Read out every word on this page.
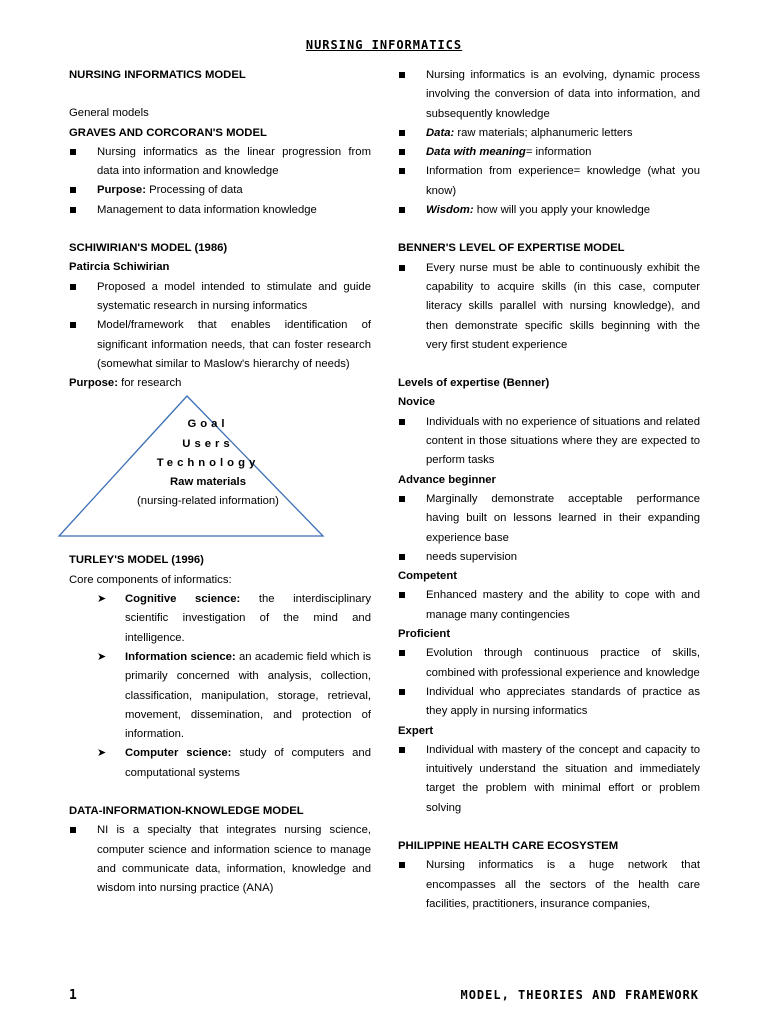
NURSING INFORMATICS
NURSING INFORMATICS MODEL
General models
GRAVES AND CORCORAN'S MODEL
Nursing informatics as the linear progression from data into information and knowledge
Purpose: Processing of data
Management to data information knowledge
SCHIWIRIAN'S MODEL (1986)
Patircia Schiwirian
Proposed a model intended to stimulate and guide systematic research in nursing informatics
Model/framework that enables identification of significant information needs, that can foster research (somewhat similar to Maslow's hierarchy of needs)
Purpose: for research
Goal
Users
Technology
Raw materials
(nursing-related information)
TURLEY'S MODEL (1996)
Core components of informatics:
➤ Cognitive science: the interdisciplinary scientific investigation of the mind and intelligence.
➤ Information science: an academic field which is primarily concerned with analysis, collection, classification, manipulation, storage, retrieval, movement, dissemination, and protection of information.
➤ Computer science: study of computers and computational systems
DATA-INFORMATION-KNOWLEDGE MODEL
NI is a specialty that integrates nursing science, computer science and information science to manage and communicate data, information, knowledge and wisdom into nursing practice (ANA)
Nursing informatics is an evolving, dynamic process involving the conversion of data into information, and subsequently knowledge
Data: raw materials; alphanumeric letters
Data with meaning= information
Information from experience= knowledge (what you know)
Wisdom: how will you apply your knowledge
BENNER'S LEVEL OF EXPERTISE MODEL
Every nurse must be able to continuously exhibit the capability to acquire skills (in this case, computer literacy skills parallel with nursing knowledge), and then demonstrate specific skills beginning with the very first student experience
Levels of expertise (Benner)
Novice
Individuals with no experience of situations and related content in those situations where they are expected to perform tasks
Advance beginner
Marginally demonstrate acceptable performance having built on lessons learned in their expanding experience base
needs supervision
Competent
Enhanced mastery and the ability to cope with and manage many contingencies
Proficient
Evolution through continuous practice of skills, combined with professional experience and knowledge
Individual who appreciates standards of practice as they apply in nursing informatics
Expert
Individual with mastery of the concept and capacity to intuitively understand the situation and immediately target the problem with minimal effort or problem solving
PHILIPPINE HEALTH CARE ECOSYSTEM
Nursing informatics is a huge network that encompasses all the sectors of the health care facilities, practitioners, insurance companies,
1	MODEL, THEORIES AND FRAMEWORK
